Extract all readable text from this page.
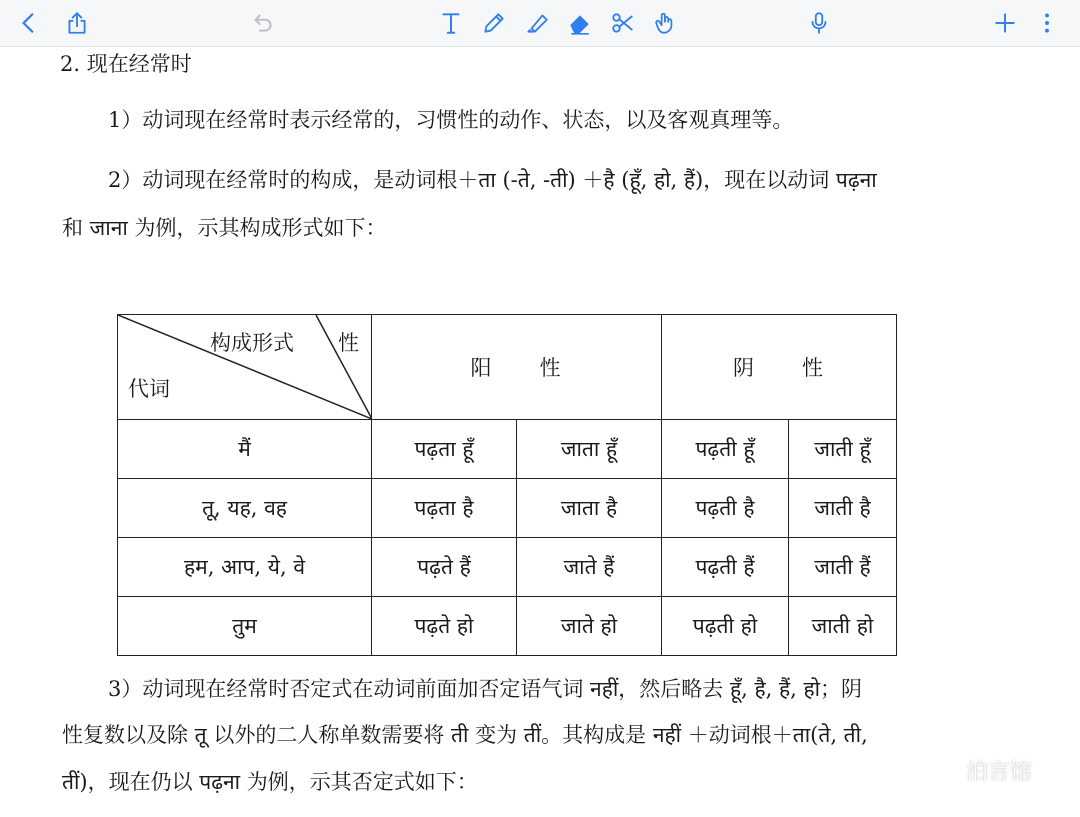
2. 现在经常时
1）动词现在经常时表示经常的，习惯性的动作、状态，以及客观真理等。
2）动词现在经常时的构成，是动词根＋ता (-ते, -ती) ＋है (हूँ, हो, हैं)，现在以动词 पढ़ना
和 जाना 为例，示其构成形式如下：
构成形式 性
代词	阳　　性		阴　　性	
मैं	पढ़ता हूँ	जाता हूँ	पढ़ती हूँ	जाती हूँ
तू, यह, वह	पढ़ता है	जाता है	पढ़ती है	जाती है
हम, आप, ये, वे	पढ़ते हैं	जाते हैं	पढ़ती हैं	जाती हैं
तुम	पढ़ते हो	जाते हो	पढ़ती हो	जाती हो
3）动词现在经常时否定式在动词前面加否定语气词 नहीं，然后略去 हूँ, है, हैं, हो；阴
性复数以及除 तू 以外的二人称单数需要将 ती 变为 तीं。其构成是 नहीं ＋动词根＋ता(ते, ती,
तीं)，现在仍以 पढ़ना 为例，示其否定式如下：	泊言馆
